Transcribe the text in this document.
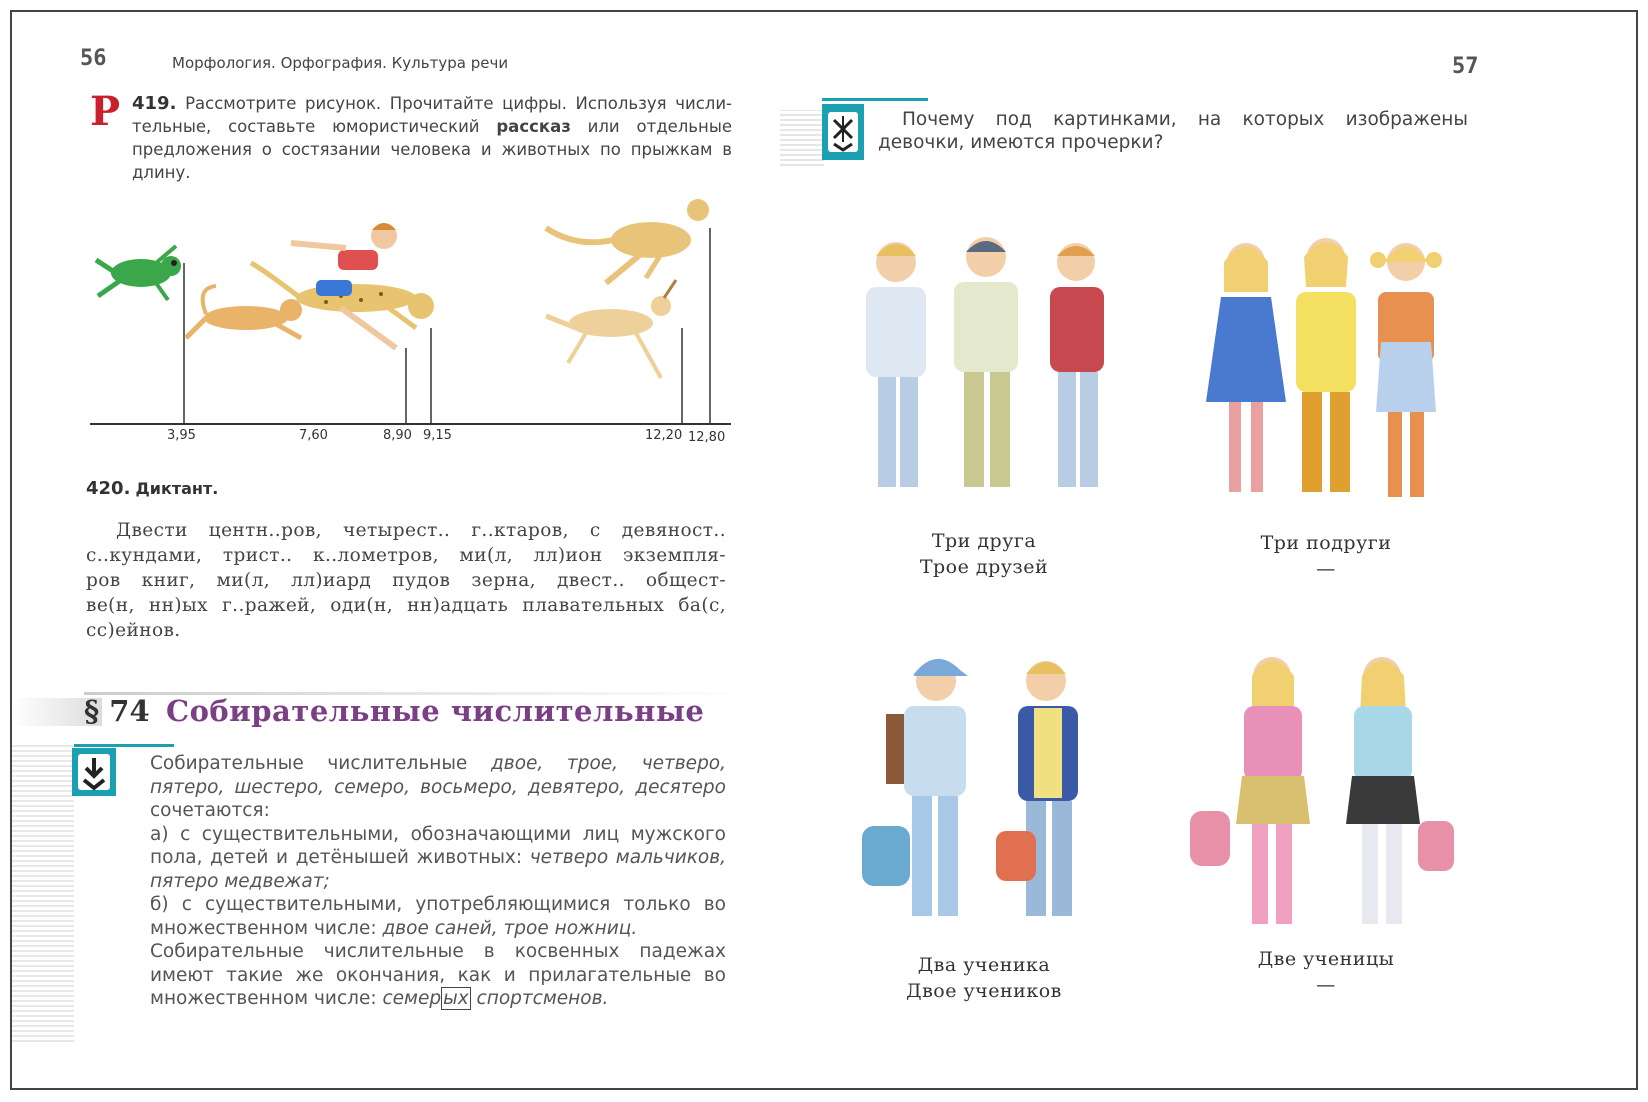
56	Морфология. Орфография. Культура речи
Р 419. Рассмотрите рисунок. Прочитайте цифры. Используя числи-тельные, составьте юмористический рассказ или отдельные предложения о состязании человека и животных по прыжкам в длину.
3,95	7,60	8,90 9,15	12,20 12,80
420. Диктант.
Двести центн..ров, четырест.. г..ктаров, с девяност..
с..кундами, трист.. к..лометров, ми(л, лл)ион экземпля-
ров книг, ми(л, лл)иард пудов зерна, двест.. общест-
ве(н, нн)ых г..ражей, оди(н, нн)адцать плавательных ба(с,
сс)ейнов.
§ 74 Собирательные числительные
Собирательные числительные двое, трое, четверо, пятеро, шестеро, семеро, восьмеро, девятеро, десятеро сочетаются:
а) с существительными, обозначающими лиц мужского пола, детей и детёнышей животных: четверо мальчиков, пятеро медвежат;
б) с существительными, употребляющимися только во множественном числе: двое саней, трое ножниц.
Собирательные числительные в косвенных падежах имеют такие же окончания, как и прилагательные во множественном числе: семер ых спортсменов.
57
Почему под картинками, на которых изображены девочки, имеются прочерки?
Три друга
Трое друзей
Три подруги
—
Два ученика
Двое учеников
Две ученицы
—
